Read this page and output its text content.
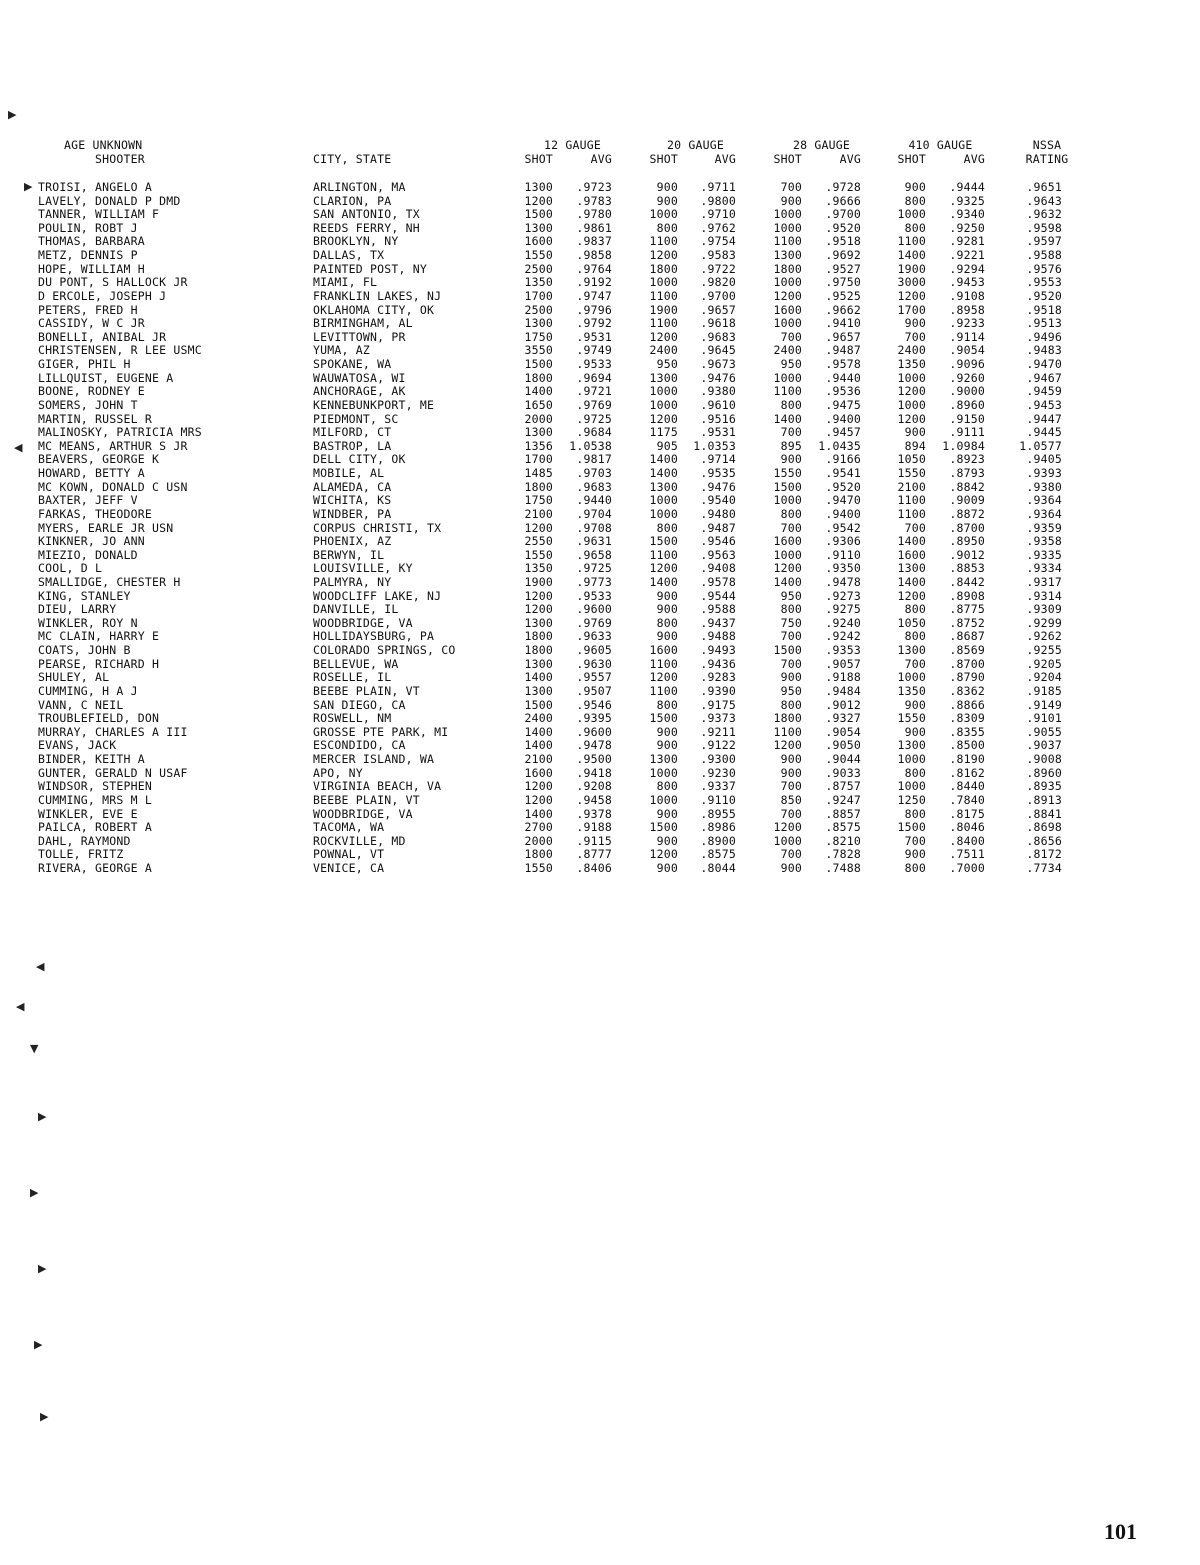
AGE UNKNOWN
SHOOTER	CITY, STATE
12 GAUGE	20 GAUGE	28 GAUGE	410 GAUGE	NSSA
SHOT	AVG	SHOT	AVG	SHOT	AVG	SHOT	AVG	RATING
TROISI, ANGELO A	ARLINGTON, MA	1300	.9723	900	.9711	700	.9728	900	.9444	.9651
LAVELY, DONALD P DMD	CLARION, PA	1200	.9783	900	.9800	900	.9666	800	.9325	.9643
TANNER, WILLIAM F	SAN ANTONIO, TX	1500	.9780	1000	.9710	1000	.9700	1000	.9340	.9632
POULIN, ROBT J	REEDS FERRY, NH	1300	.9861	800	.9762	1000	.9520	800	.9250	.9598
THOMAS, BARBARA	BROOKLYN, NY	1600	.9837	1100	.9754	1100	.9518	1100	.9281	.9597
METZ, DENNIS P	DALLAS, TX	1550	.9858	1200	.9583	1300	.9692	1400	.9221	.9588
HOPE, WILLIAM H	PAINTED POST, NY	2500	.9764	1800	.9722	1800	.9527	1900	.9294	.9576
DU PONT, S HALLOCK JR	MIAMI, FL	1350	.9192	1000	.9820	1000	.9750	3000	.9453	.9553
D ERCOLE, JOSEPH J	FRANKLIN LAKES, NJ	1700	.9747	1100	.9700	1200	.9525	1200	.9108	.9520
PETERS, FRED H	OKLAHOMA CITY, OK	2500	.9796	1900	.9657	1600	.9662	1700	.8958	.9518
CASSIDY, W C JR	BIRMINGHAM, AL	1300	.9792	1100	.9618	1000	.9410	900	.9233	.9513
BONELLI, ANIBAL JR	LEVITTOWN, PR	1750	.9531	1200	.9683	700	.9657	700	.9114	.9496
CHRISTENSEN, R LEE USMC	YUMA, AZ	3550	.9749	2400	.9645	2400	.9487	2400	.9054	.9483
GIGER, PHIL H	SPOKANE, WA	1500	.9533	950	.9673	950	.9578	1350	.9096	.9470
LILLQUIST, EUGENE A	WAUWATOSA, WI	1800	.9694	1300	.9476	1000	.9440	1000	.9260	.9467
BOONE, RODNEY E	ANCHORAGE, AK	1400	.9721	1000	.9380	1100	.9536	1200	.9000	.9459
SOMERS, JOHN T	KENNEBUNKPORT, ME	1650	.9769	1000	.9610	800	.9475	1000	.8960	.9453
MARTIN, RUSSEL R	PIEDMONT, SC	2000	.9725	1200	.9516	1400	.9400	1200	.9150	.9447
MALINOSKY, PATRICIA MRS	MILFORD, CT	1300	.9684	1175	.9531	700	.9457	900	.9111	.9445
MC MEANS, ARTHUR S JR	BASTROP, LA	1356	1.0538	905	1.0353	895	1.0435	894	1.0984	1.0577
BEAVERS, GEORGE K	DELL CITY, OK	1700	.9817	1400	.9714	900	.9166	1050	.8923	.9405
HOWARD, BETTY A	MOBILE, AL	1485	.9703	1400	.9535	1550	.9541	1550	.8793	.9393
MC KOWN, DONALD C USN	ALAMEDA, CA	1800	.9683	1300	.9476	1500	.9520	2100	.8842	.9380
BAXTER, JEFF V	WICHITA, KS	1750	.9440	1000	.9540	1000	.9470	1100	.9009	.9364
FARKAS, THEODORE	WINDBER, PA	2100	.9704	1000	.9480	800	.9400	1100	.8872	.9364
MYERS, EARLE JR USN	CORPUS CHRISTI, TX	1200	.9708	800	.9487	700	.9542	700	.8700	.9359
KINKNER, JO ANN	PHOENIX, AZ	2550	.9631	1500	.9546	1600	.9306	1400	.8950	.9358
MIEZIO, DONALD	BERWYN, IL	1550	.9658	1100	.9563	1000	.9110	1600	.9012	.9335
COOL, D L	LOUISVILLE, KY	1350	.9725	1200	.9408	1200	.9350	1300	.8853	.9334
SMALLIDGE, CHESTER H	PALMYRA, NY	1900	.9773	1400	.9578	1400	.9478	1400	.8442	.9317
KING, STANLEY	WOODCLIFF LAKE, NJ	1200	.9533	900	.9544	950	.9273	1200	.8908	.9314
DIEU, LARRY	DANVILLE, IL	1200	.9600	900	.9588	800	.9275	800	.8775	.9309
WINKLER, ROY N	WOODBRIDGE, VA	1300	.9769	800	.9437	750	.9240	1050	.8752	.9299
MC CLAIN, HARRY E	HOLLIDAYSBURG, PA	1800	.9633	900	.9488	700	.9242	800	.8687	.9262
COATS, JOHN B	COLORADO SPRINGS, CO	1800	.9605	1600	.9493	1500	.9353	1300	.8569	.9255
PEARSE, RICHARD H	BELLEVUE, WA	1300	.9630	1100	.9436	700	.9057	700	.8700	.9205
SHULEY, AL	ROSELLE, IL	1400	.9557	1200	.9283	900	.9188	1000	.8790	.9204
CUMMING, H A J	BEEBE PLAIN, VT	1300	.9507	1100	.9390	950	.9484	1350	.8362	.9185
VANN, C NEIL	SAN DIEGO, CA	1500	.9546	800	.9175	800	.9012	900	.8866	.9149
TROUBLEFIELD, DON	ROSWELL, NM	2400	.9395	1500	.9373	1800	.9327	1550	.8309	.9101
MURRAY, CHARLES A III	GROSSE PTE PARK, MI	1400	.9600	900	.9211	1100	.9054	900	.8355	.9055
EVANS, JACK	ESCONDIDO, CA	1400	.9478	900	.9122	1200	.9050	1300	.8500	.9037
BINDER, KEITH A	MERCER ISLAND, WA	2100	.9500	1300	.9300	900	.9044	1000	.8190	.9008
GUNTER, GERALD N USAF	APO, NY	1600	.9418	1000	.9230	900	.9033	800	.8162	.8960
WINDSOR, STEPHEN	VIRGINIA BEACH, VA	1200	.9208	800	.9337	700	.8757	1000	.8440	.8935
CUMMING, MRS M L	BEEBE PLAIN, VT	1200	.9458	1000	.9110	850	.9247	1250	.7840	.8913
WINKLER, EVE E	WOODBRIDGE, VA	1400	.9378	900	.8955	700	.8857	800	.8175	.8841
PAILCA, ROBERT A	TACOMA, WA	2700	.9188	1500	.8986	1200	.8575	1500	.8046	.8698
DAHL, RAYMOND	ROCKVILLE, MD	2000	.9115	900	.8900	1000	.8210	700	.8400	.8656
TOLLE, FRITZ	POWNAL, VT	1800	.8777	1200	.8575	700	.7828	900	.7511	.8172
RIVERA, GEORGE A	VENICE, CA	1550	.8406	900	.8044	900	.7488	800	.7000	.7734
▶
▶
◀
◀
◀
▼
▶
▶
▶
▶
▶
101
